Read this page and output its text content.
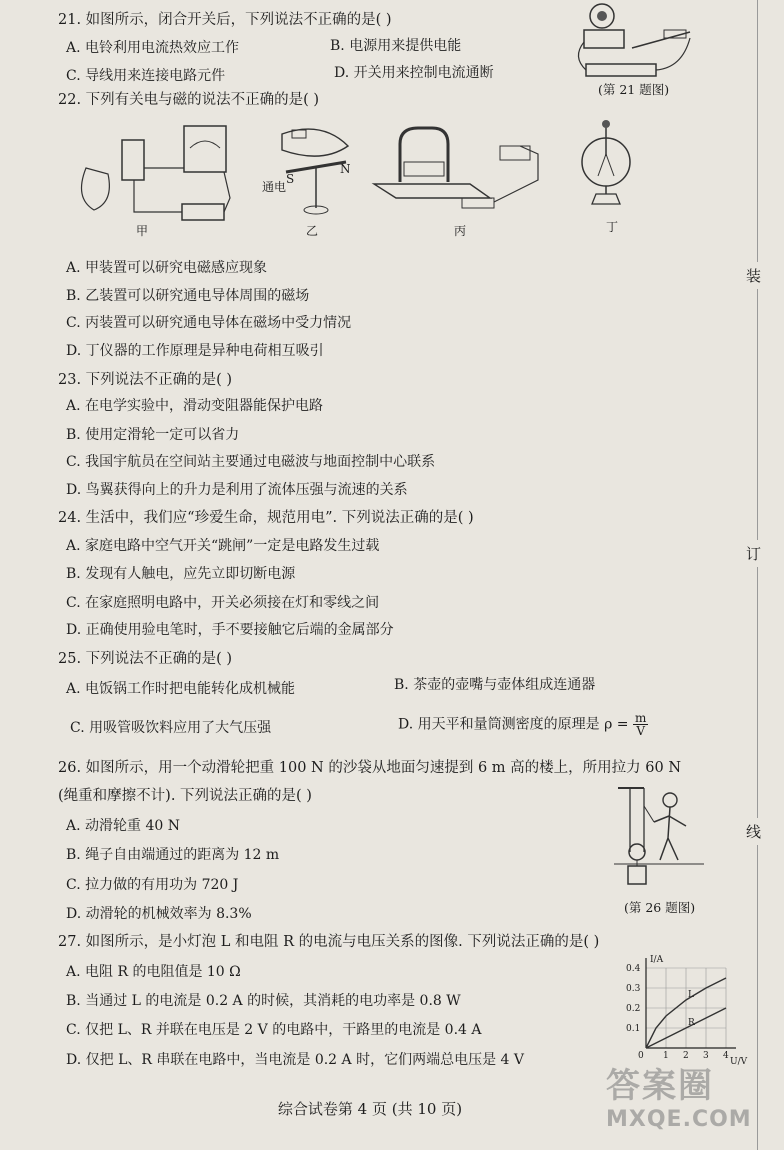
装
订
线
21. 如图所示，闭合开关后，下列说法不正确的是( )
A. 电铃利用电流热效应工作	B. 电源用来提供电能
C. 导线用来连接电路元件	D. 开关用来控制电流通断
(第 21 题图)
22. 下列有关电与磁的说法不正确的是( )
甲
通电
S
N
乙	丙	丁
A. 甲装置可以研究电磁感应现象
B. 乙装置可以研究通电导体周围的磁场
C. 丙装置可以研究通电导体在磁场中受力情况
D. 丁仪器的工作原理是异种电荷相互吸引
23. 下列说法不正确的是( )
A. 在电学实验中，滑动变阻器能保护电路
B. 使用定滑轮一定可以省力
C. 我国宇航员在空间站主要通过电磁波与地面控制中心联系
D. 鸟翼获得向上的升力是利用了流体压强与流速的关系
24. 生活中，我们应“珍爱生命，规范用电”. 下列说法正确的是( )
A. 家庭电路中空气开关“跳闸”一定是电路发生过载
B. 发现有人触电，应先立即切断电源
C. 在家庭照明电路中，开关必须接在灯和零线之间
D. 正确使用验电笔时，手不要接触它后端的金属部分
25. 下列说法不正确的是( )
A. 电饭锅工作时把电能转化成机械能	B. 茶壶的壶嘴与壶体组成连通器
C. 用吸管吸饮料应用了大气压强	D. 用天平和量筒测密度的原理是 $\rho = \frac{m}{V}$
26. 如图所示，用一个动滑轮把重 100 N 的沙袋从地面匀速提到 6 m 高的楼上，所用拉力 60 N
(绳重和摩擦不计). 下列说法正确的是( )
A. 动滑轮重 40 N
B. 绳子自由端通过的距离为 12 m
C. 拉力做的有用功为 720 J
D. 动滑轮的机械效率为 8.3%	(第 26 题图)
27. 如图所示，是小灯泡 L 和电阻 R 的电流与电压关系的图像. 下列说法正确的是( )
A. 电阻 R 的电阻值是 10 Ω
B. 当通过 L 的电流是 0.2 A 的时候，其消耗的电功率是 0.8 W
C. 仅把 L、R 并联在电压是 2 V 的电路中，干路里的电流是 0.4 A
D. 仅把 L、R 串联在电路中，当电流是 0.2 A 时，它们两端总电压是 4 V
I/A
U/V
1 2 3 4
0.1
0.2
0.3
0.4
0
L
R
综合试卷第 4 页 (共 10 页)
答案圈
MXQE.COM
